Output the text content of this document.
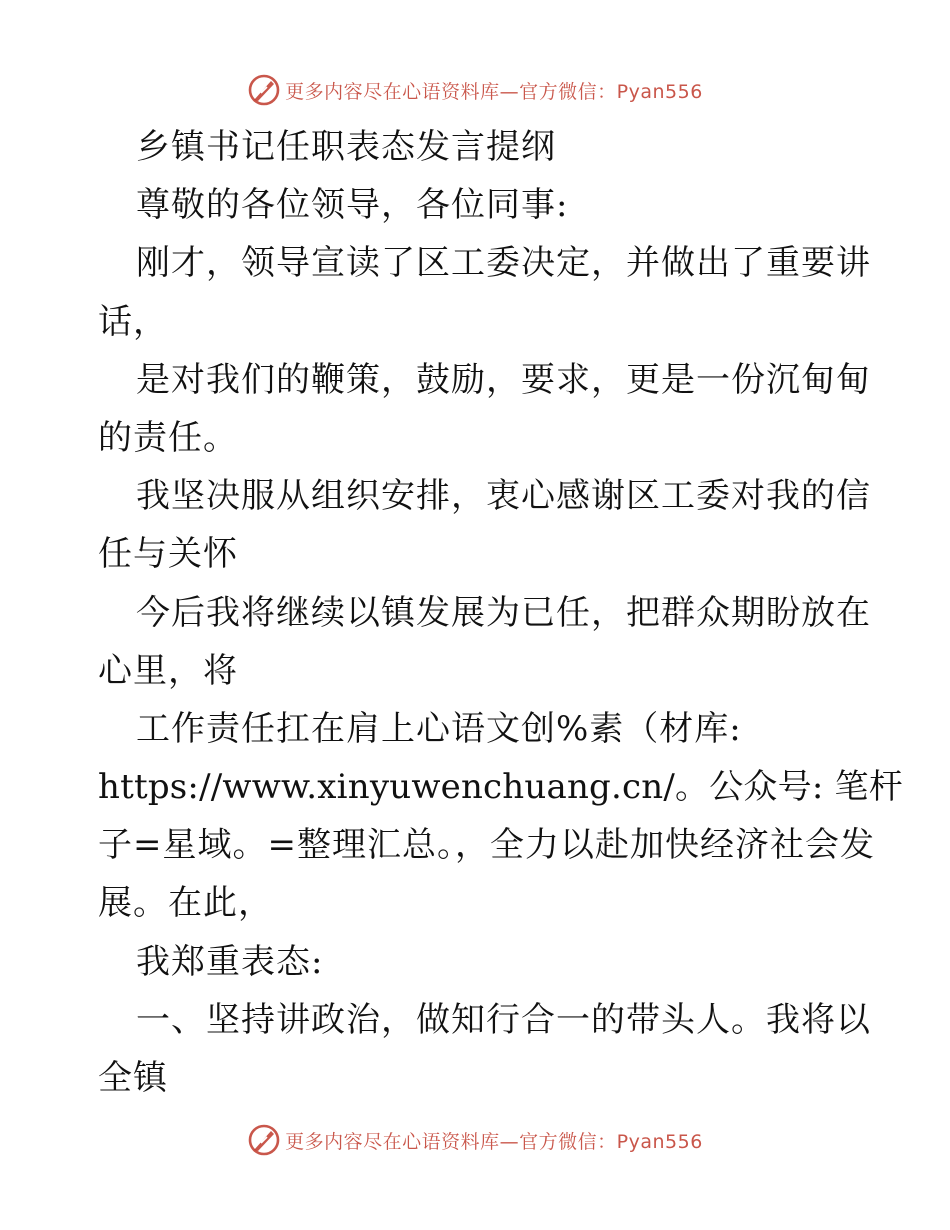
更多内容尽在心语资料库—官方微信：Pyan556
乡镇书记任职表态发言提纲
尊敬的各位领导，各位同事:
刚才，领导宣读了区工委决定，并做出了重要讲
话，
是对我们的鞭策，鼓励，要求，更是一份沉甸甸
的责任。
我坚决服从组织安排，衷心感谢区工委对我的信
任与关怀
今后我将继续以镇发展为已任，把群众期盼放在
心里，将
工作责任扛在肩上心语文创%素（材库:
https://www.xinyuwenchuang.cn/。公众号: 笔杆
子=星域。=整理汇总。，全力以赴加快经济社会发
展。在此，
我郑重表态:
一、坚持讲政治，做知行合一的带头人。我将以
全镇
更多内容尽在心语资料库—官方微信：Pyan556
